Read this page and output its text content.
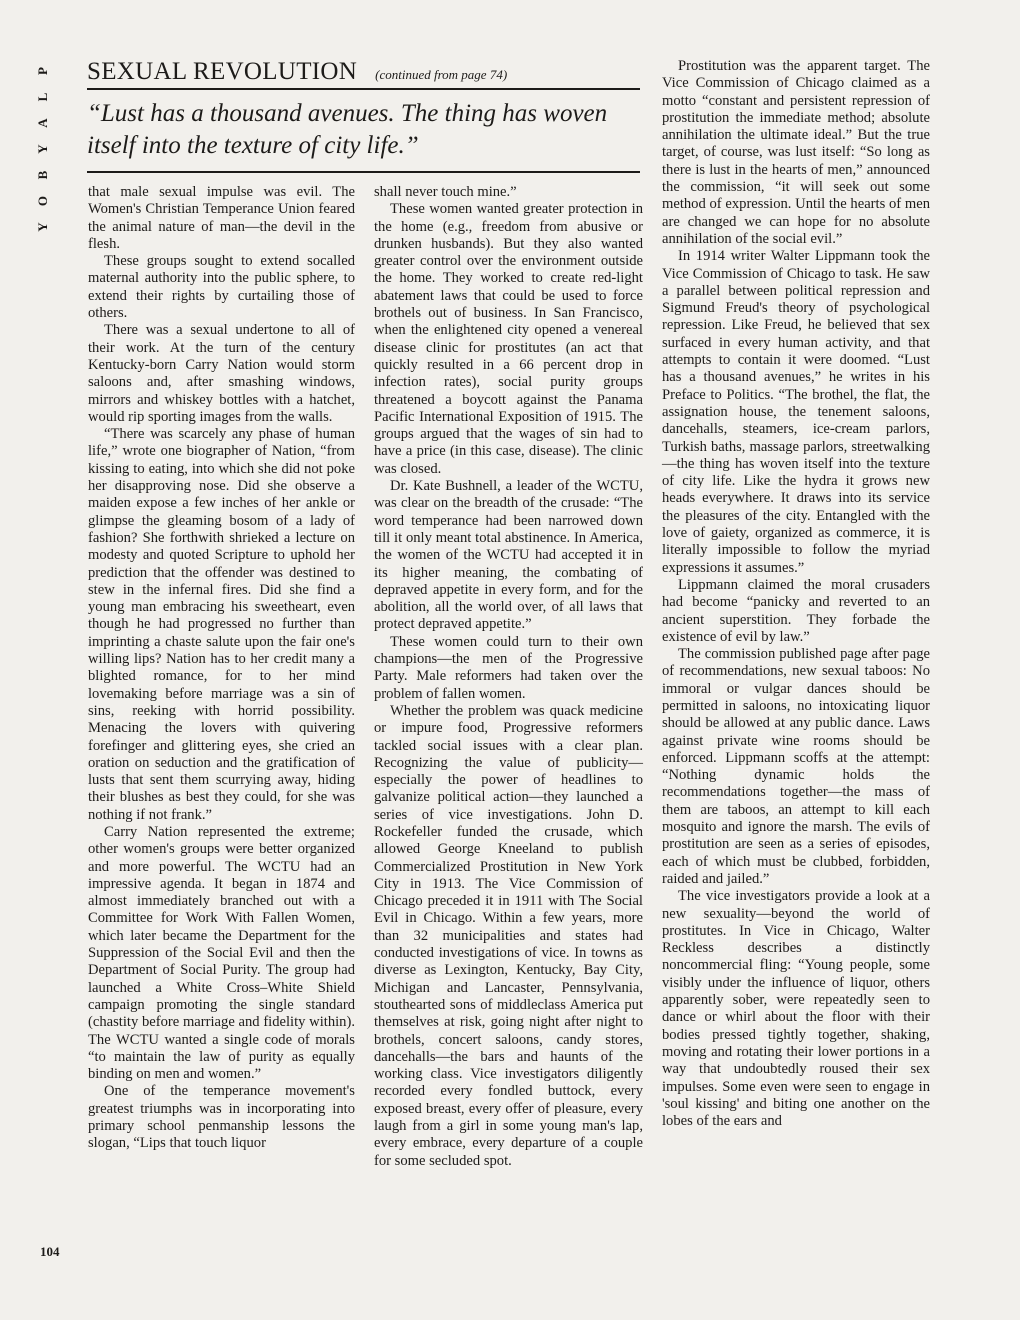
P
L
A
Y
B
O
Y
SEXUAL REVOLUTION (continued from page 74)
“Lust has a thousand avenues. The thing has woven itself into the texture of city life.”

that male sexual impulse was evil. The Women's Christian Temperance Union feared the animal nature of man—the devil in the flesh.

These groups sought to extend socalled maternal authority into the public sphere, to extend their rights by curtailing those of others.

There was a sexual undertone to all of their work. At the turn of the century Kentucky-born Carry Nation would storm saloons and, after smashing windows, mirrors and whiskey bottles with a hatchet, would rip sporting images from the walls.

“There was scarcely any phase of human life,” wrote one biographer of Nation, “from kissing to eating, into which she did not poke her disapproving nose. Did she observe a maiden expose a few inches of her ankle or glimpse the gleaming bosom of a lady of fashion? She forthwith shrieked a lecture on modesty and quoted Scripture to uphold her prediction that the offender was destined to stew in the infernal fires. Did she find a young man embracing his sweetheart, even though he had progressed no further than imprinting a chaste salute upon the fair one's willing lips? Nation has to her credit many a blighted romance, for to her mind lovemaking before marriage was a sin of sins, reeking with horrid possibility. Menacing the lovers with quivering forefinger and glittering eyes, she cried an oration on seduction and the gratification of lusts that sent them scurrying away, hiding their blushes as best they could, for she was nothing if not frank.”

Carry Nation represented the extreme; other women's groups were better organized and more powerful. The WCTU had an impressive agenda. It began in 1874 and almost immediately branched out with a Committee for Work With Fallen Women, which later became the Department for the Suppression of the Social Evil and then the Department of Social Purity. The group had launched a White Cross–White Shield campaign promoting the single standard (chastity before marriage and fidelity within). The WCTU wanted a single code of morals “to maintain the law of purity as equally binding on men and women.”

One of the temperance movement's greatest triumphs was in incorporating into primary school penmanship lessons the slogan, “Lips that touch liquor

shall never touch mine.”

These women wanted greater protection in the home (e.g., freedom from abusive or drunken husbands). But they also wanted greater control over the environment outside the home. They worked to create red-light abatement laws that could be used to force brothels out of business. In San Francisco, when the enlightened city opened a venereal disease clinic for prostitutes (an act that quickly resulted in a 66 percent drop in infection rates), social purity groups threatened a boycott against the Panama Pacific International Exposition of 1915. The groups argued that the wages of sin had to have a price (in this case, disease). The clinic was closed.

Dr. Kate Bushnell, a leader of the WCTU, was clear on the breadth of the crusade: “The word temperance had been narrowed down till it only meant total abstinence. In America, the women of the WCTU had accepted it in its higher meaning, the combating of depraved appetite in every form, and for the abolition, all the world over, of all laws that protect depraved appetite.”

These women could turn to their own champions—the men of the Progressive Party. Male reformers had taken over the problem of fallen women.

Whether the problem was quack medicine or impure food, Progressive reformers tackled social issues with a clear plan. Recognizing the value of publicity—especially the power of headlines to galvanize political action—they launched a series of vice investigations. John D. Rockefeller funded the crusade, which allowed George Kneeland to publish Commercialized Prostitution in New York City in 1913. The Vice Commission of Chicago preceded it in 1911 with The Social Evil in Chicago. Within a few years, more than 32 municipalities and states had conducted investigations of vice. In towns as diverse as Lexington, Kentucky, Bay City, Michigan and Lancaster, Pennsylvania, stouthearted sons of middleclass America put themselves at risk, going night after night to brothels, concert saloons, candy stores, dancehalls—the bars and haunts of the working class. Vice investigators diligently recorded every fondled buttock, every exposed breast, every offer of pleasure, every laugh from a girl in some young man's lap, every embrace, every departure of a couple for some secluded spot.

Prostitution was the apparent target. The Vice Commission of Chicago claimed as a motto “constant and persistent repression of prostitution the immediate method; absolute annihilation the ultimate ideal.” But the true target, of course, was lust itself: “So long as there is lust in the hearts of men,” announced the commission, “it will seek out some method of expression. Until the hearts of men are changed we can hope for no absolute annihilation of the social evil.”

In 1914 writer Walter Lippmann took the Vice Commission of Chicago to task. He saw a parallel between political repression and Sigmund Freud's theory of psychological repression. Like Freud, he believed that sex surfaced in every human activity, and that attempts to contain it were doomed. “Lust has a thousand avenues,” he writes in his Preface to Politics. “The brothel, the flat, the assignation house, the tenement saloons, dancehalls, steamers, ice-cream parlors, Turkish baths, massage parlors, streetwalking—the thing has woven itself into the texture of city life. Like the hydra it grows new heads everywhere. It draws into its service the pleasures of the city. Entangled with the love of gaiety, organized as commerce, it is literally impossible to follow the myriad expressions it assumes.”

Lippmann claimed the moral crusaders had become “panicky and reverted to an ancient superstition. They forbade the existence of evil by law.”

The commission published page after page of recommendations, new sexual taboos: No immoral or vulgar dances should be permitted in saloons, no intoxicating liquor should be allowed at any public dance. Laws against private wine rooms should be enforced. Lippmann scoffs at the attempt: “Nothing dynamic holds the recommendations together—the mass of them are taboos, an attempt to kill each mosquito and ignore the marsh. The evils of prostitution are seen as a series of episodes, each of which must be clubbed, forbidden, raided and jailed.”

The vice investigators provide a look at a new sexuality—beyond the world of prostitutes. In Vice in Chicago, Walter Reckless describes a distinctly noncommercial fling: “Young people, some visibly under the influence of liquor, others apparently sober, were repeatedly seen to dance or whirl about the floor with their bodies pressed tightly together, shaking, moving and rotating their lower portions in a way that undoubtedly roused their sex impulses. Some even were seen to engage in 'soul kissing' and biting one another on the lobes of the ears and

104
